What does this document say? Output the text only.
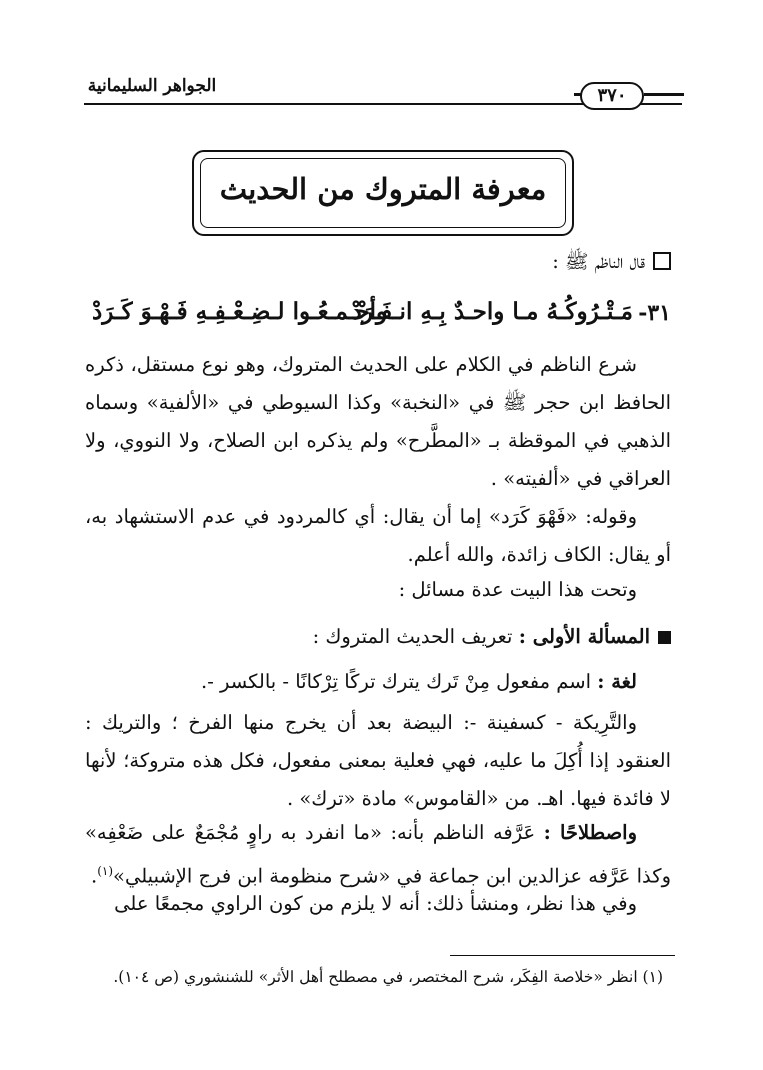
الجواهر السليمانية	٣٧٠
معرفة المتروك من الحديث
قال الناظم ﷺ :
٣١-
مَـتْـرُوكُـهُ مـا واحـدٌ بِـهِ انـفَـرَدْ
وأجْـمـعُـوا لـضِـعْـفِـهِ فَـهْـوَ كَـرَدْ
شرع الناظم في الكلام على الحديث المتروك، وهو نوع مستقل، ذكره الحافظ ابن حجر ﷺ في «النخبة» وكذا السيوطي في «الألفية» وسماه الذهبي في الموقظة بـ «المطَّرح» ولم يذكره ابن الصلاح، ولا النووي، ولا العراقي في «ألفيته» .
وقوله: «فَهْوَ كَرَد» إما أن يقال: أي كالمردود في عدم الاستشهاد به، أو يقال: الكاف زائدة، والله أعلم.
وتحت هذا البيت عدة مسائل :
المسألة الأولى : تعريف الحديث المتروك :
لغة : اسم مفعول مِنْ تَرك يترك تركًا تِرْكانًا - بالكسر -.
والتَّرِيكة - كسفينة -: البيضة بعد أن يخرج منها الفرخ ؛ والتريك : العنقود إذا أُكِلَ ما عليه، فهي فعلية بمعنى مفعول، فكل هذه متروكة؛ لأنها لا فائدة فيها. اهـ. من «القاموس» مادة «ترك» .
واصطلاحًا : عَرَّفه الناظم بأنه: «ما انفرد به راوٍ مُجْمَعٌ على ضَعْفِه» وكذا عَرَّفه عزالدين ابن جماعة في «شرح منظومة ابن فرج الإشبيلي»$^{(١)}$.
وفي هذا نظر، ومنشأ ذلك: أنه لا يلزم من كون الراوي مجمعًا على
(١) انظر «خلاصة الفِكَر، شرح المختصر، في مصطلح أهل الأثر» للشنشوري (ص ١٠٤).
